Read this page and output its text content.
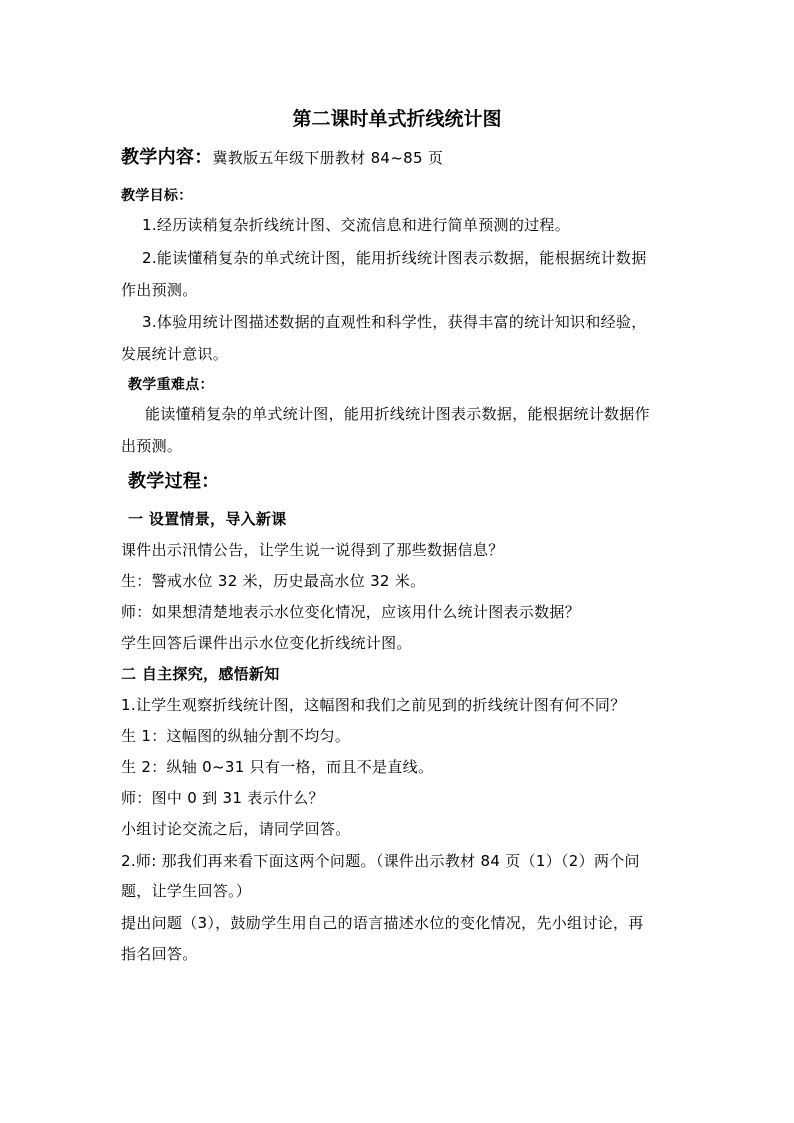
第二课时单式折线统计图
教学内容：冀教版五年级下册教材 84~85 页
教学目标：
1.经历读稍复杂折线统计图、交流信息和进行简单预测的过程。
2.能读懂稍复杂的单式统计图，能用折线统计图表示数据，能根据统计数据
作出预测。
3.体验用统计图描述数据的直观性和科学性，获得丰富的统计知识和经验，
发展统计意识。
教学重难点：
能读懂稍复杂的单式统计图，能用折线统计图表示数据，能根据统计数据作
出预测。
教学过程：
一 设置情景，导入新课
课件出示汛情公告，让学生说一说得到了那些数据信息？
生：警戒水位 32 米，历史最高水位 32 米。
师：如果想清楚地表示水位变化情况，应该用什么统计图表示数据？
学生回答后课件出示水位变化折线统计图。
二 自主探究，感悟新知
1.让学生观察折线统计图，这幅图和我们之前见到的折线统计图有何不同？
生 1：这幅图的纵轴分割不均匀。
生 2：纵轴 0~31 只有一格，而且不是直线。
师：图中 0 到 31 表示什么？
小组讨论交流之后，请同学回答。
2.师: 那我们再来看下面这两个问题。（课件出示教材 84 页（1）（2）两个问
题，让学生回答。）
提出问题（3），鼓励学生用自己的语言描述水位的变化情况，先小组讨论，再
指名回答。
